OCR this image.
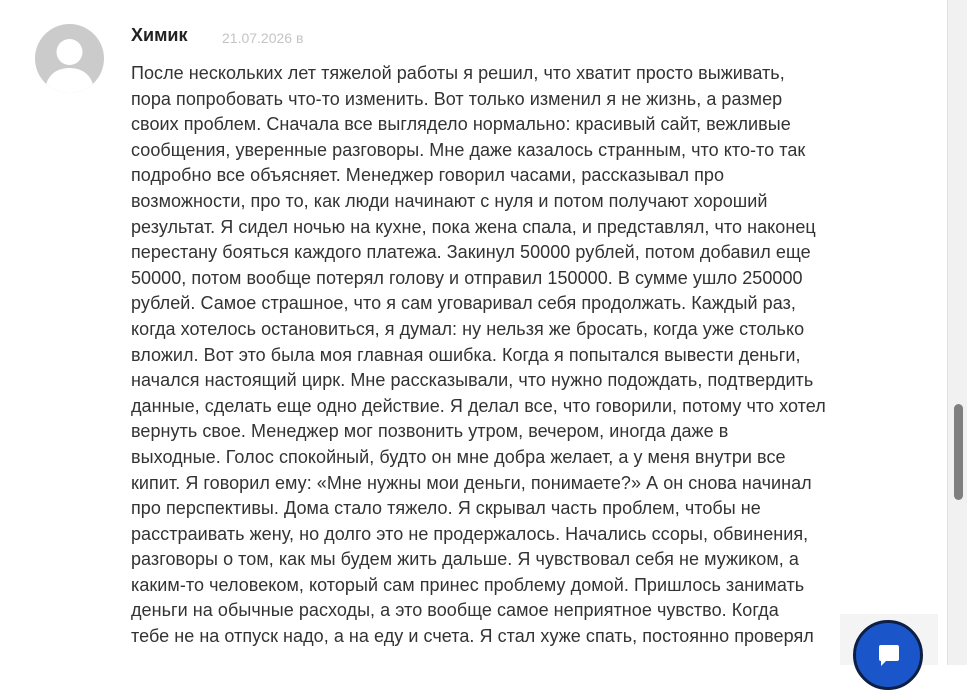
Химик 21.07.2026 в
После нескольких лет тяжелой работы я решил, что хватит просто выживать,
пора попробовать что-то изменить. Вот только изменил я не жизнь, а размер
своих проблем. Сначала все выглядело нормально: красивый сайт, вежливые
сообщения, уверенные разговоры. Мне даже казалось странным, что кто-то так
подробно все объясняет. Менеджер говорил часами, рассказывал про
возможности, про то, как люди начинают с нуля и потом получают хороший
результат. Я сидел ночью на кухне, пока жена спала, и представлял, что наконец
перестану бояться каждого платежа. Закинул 50000 рублей, потом добавил еще
50000, потом вообще потерял голову и отправил 150000. В сумме ушло 250000
рублей. Самое страшное, что я сам уговаривал себя продолжать. Каждый раз,
когда хотелось остановиться, я думал: ну нельзя же бросать, когда уже столько
вложил. Вот это была моя главная ошибка. Когда я попытался вывести деньги,
начался настоящий цирк. Мне рассказывали, что нужно подождать, подтвердить
данные, сделать еще одно действие. Я делал все, что говорили, потому что хотел
вернуть свое. Менеджер мог позвонить утром, вечером, иногда даже в
выходные. Голос спокойный, будто он мне добра желает, а у меня внутри все
кипит. Я говорил ему: «Мне нужны мои деньги, понимаете?» А он снова начинал
про перспективы. Дома стало тяжело. Я скрывал часть проблем, чтобы не
расстраивать жену, но долго это не продержалось. Начались ссоры, обвинения,
разговоры о том, как мы будем жить дальше. Я чувствовал себя не мужиком, а
каким-то человеком, который сам принес проблему домой. Пришлось занимать
деньги на обычные расходы, а это вообще самое неприятное чувство. Когда
тебе не на отпуск надо, а на еду и счета. Я стал хуже спать, постоянно проверял
